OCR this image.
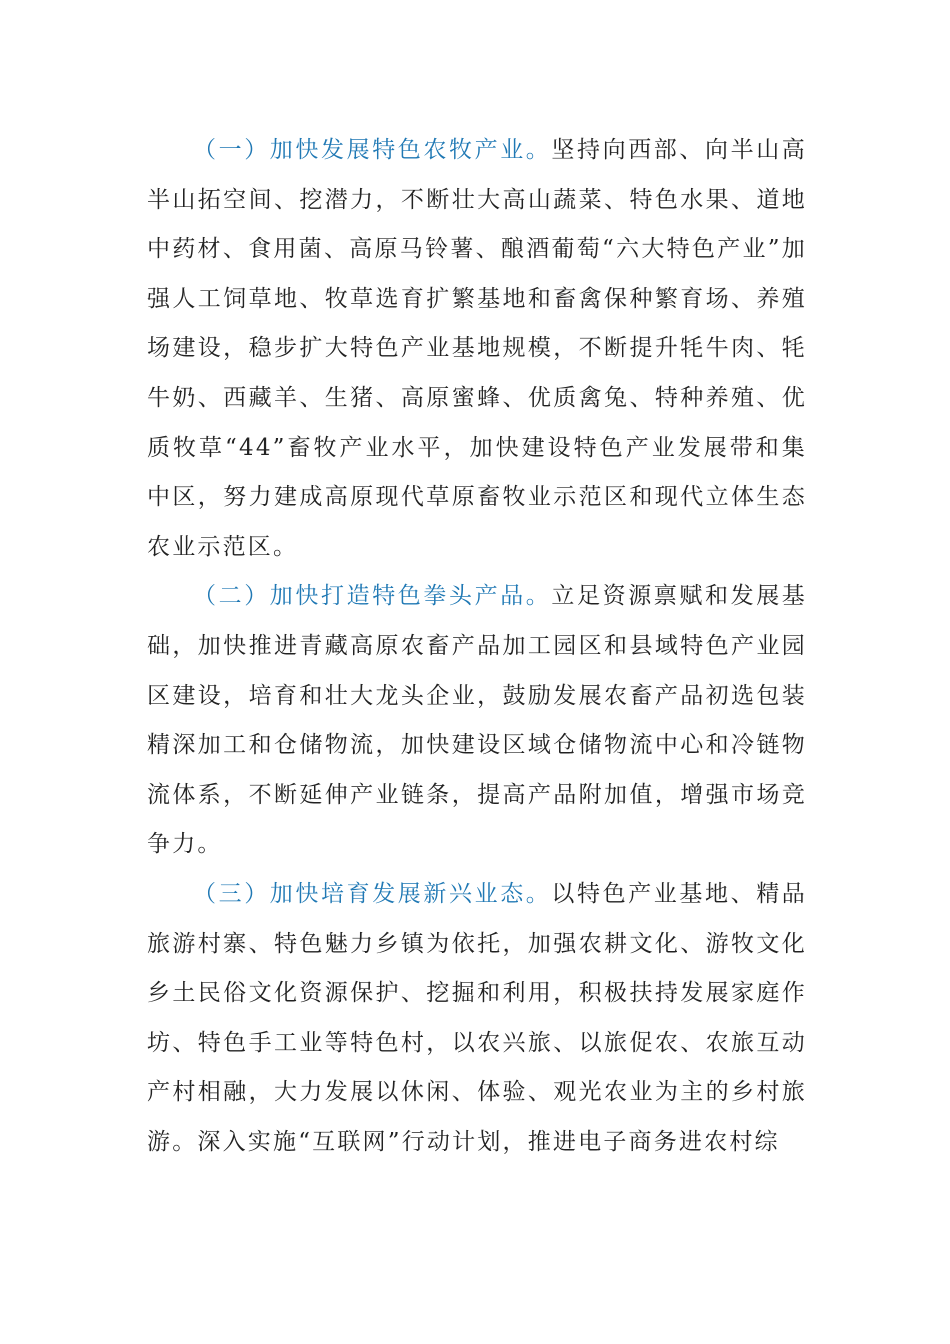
（一）加快发展特色农牧产业。坚持向西部、向半山高半山拓空间、挖潜力，不断壮大高山蔬菜、特色水果、道地中药材、食用菌、高原马铃薯、酿酒葡萄“六大特色产业”加强人工饲草地、牧草选育扩繁基地和畜禽保种繁育场、养殖场建设，稳步扩大特色产业基地规模，不断提升牦牛肉、牦牛奶、西藏羊、生猪、高原蜜蜂、优质禽兔、特种养殖、优质牧草“44”畜牧产业水平，加快建设特色产业发展带和集中区，努力建成高原现代草原畜牧业示范区和现代立体生态农业示范区。

（二）加快打造特色拳头产品。立足资源禀赋和发展基础，加快推进青藏高原农畜产品加工园区和县域特色产业园区建设，培育和壮大龙头企业，鼓励发展农畜产品初选包装精深加工和仓储物流，加快建设区域仓储物流中心和冷链物流体系，不断延伸产业链条，提高产品附加值，增强市场竞争力。

（三）加快培育发展新兴业态。以特色产业基地、精品旅游村寨、特色魅力乡镇为依托，加强农耕文化、游牧文化乡土民俗文化资源保护、挖掘和利用，积极扶持发展家庭作坊、特色手工业等特色村，以农兴旅、以旅促农、农旅互动产村相融，大力发展以休闲、体验、观光农业为主的乡村旅游。深入实施“互联网”行动计划，推进电子商务进农村综
